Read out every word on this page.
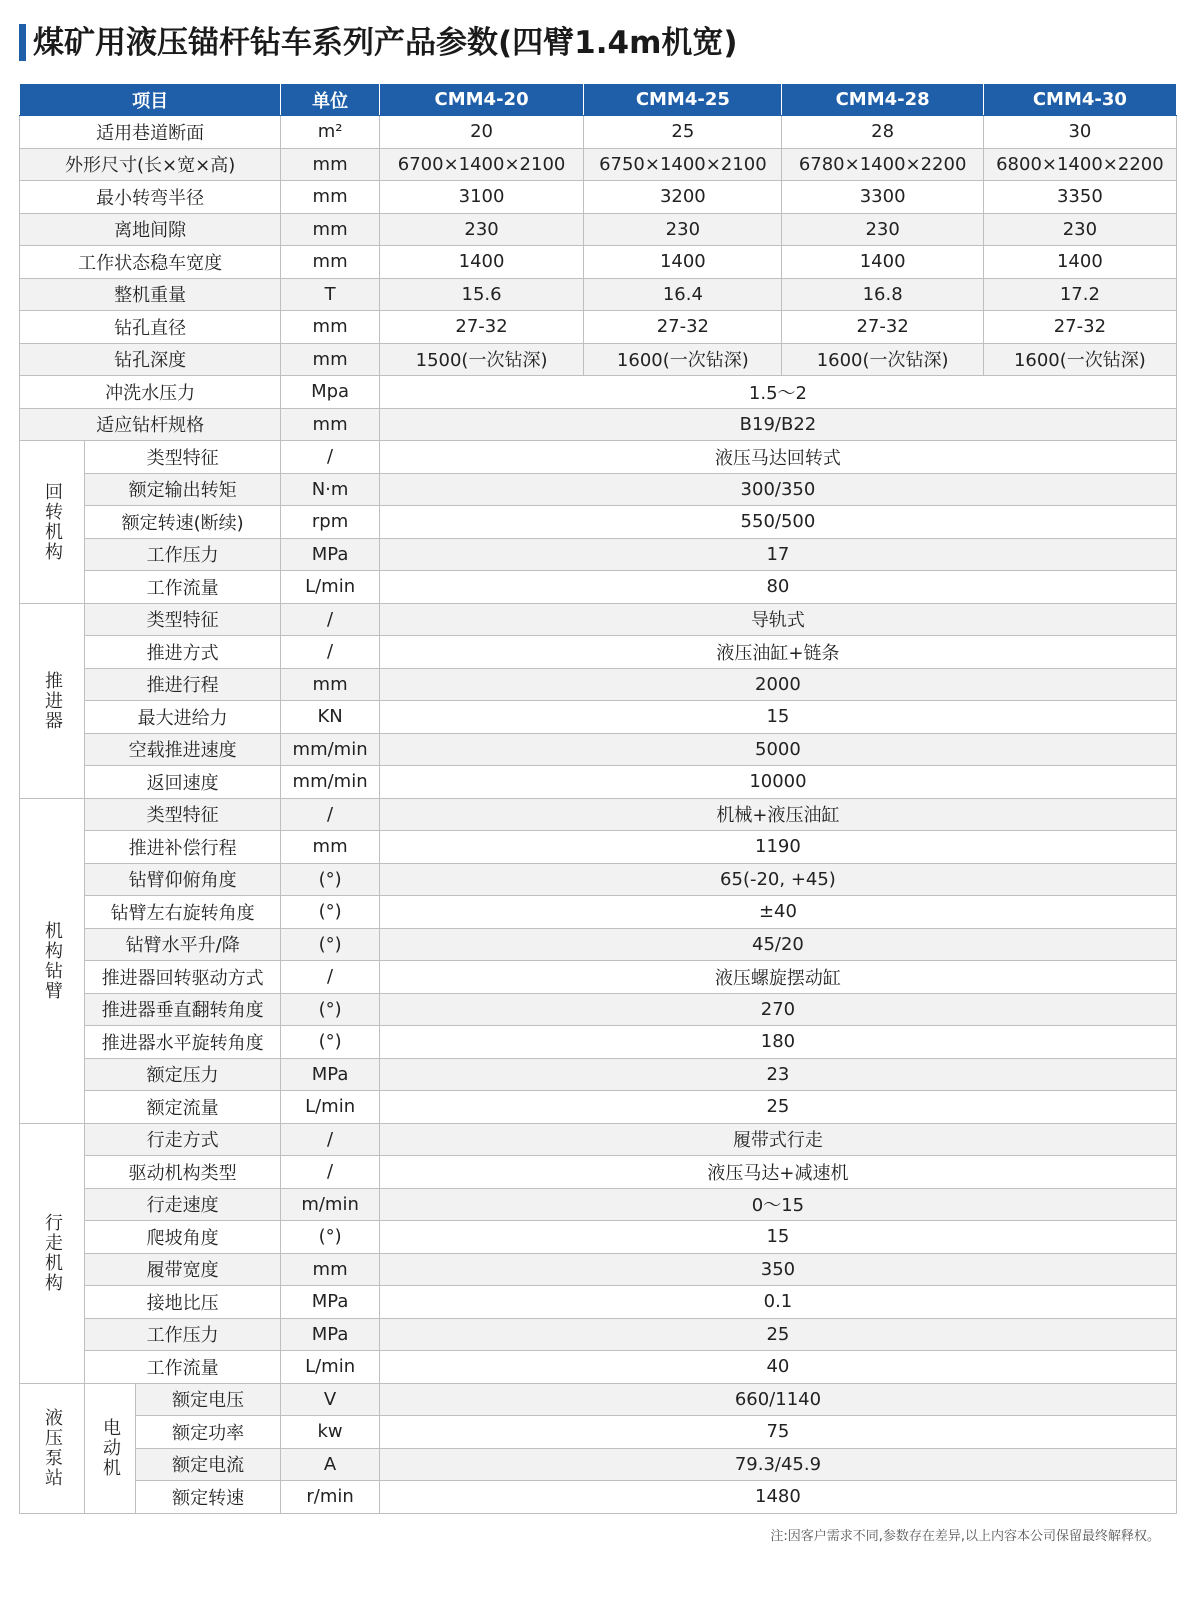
煤矿用液压锚杆钻车系列产品参数(四臂1.4m机宽)
项目			单位	CMM4-20	CMM4-25	CMM4-28	CMM4-30
适用巷道断面			m²	20	25	28	30
外形尺寸(长×宽×高)			mm	6700×1400×2100	6750×1400×2100	6780×1400×2200	6800×1400×2200
最小转弯半径			mm	3100	3200	3300	3350
离地间隙			mm	230	230	230	230
工作状态稳车宽度			mm	1400	1400	1400	1400
整机重量			T	15.6	16.4	16.8	17.2
钻孔直径			mm	27-32	27-32	27-32	27-32
钻孔深度			mm	1500(一次钻深)	1600(一次钻深)	1600(一次钻深)	1600(一次钻深)
冲洗水压力			Mpa	1.5～2			
适应钻杆规格			mm	B19/B22			
回转机构	类型特征		/	液压马达回转式			
	额定输出转矩		N·m	300/350			
	额定转速(断续)		rpm	550/500			
	工作压力		MPa	17			
	工作流量		L/min	80			
推进器	类型特征		/	导轨式			
	推进方式		/	液压油缸+链条			
	推进行程		mm	2000			
	最大进给力		KN	15			
	空载推进速度		mm/min	5000			
	返回速度		mm/min	10000			
机构钻臂	类型特征		/	机械+液压油缸			
	推进补偿行程		mm	1190			
	钻臂仰俯角度		(°)	65(-20, +45)			
	钻臂左右旋转角度		(°)	±40			
	钻臂水平升/降		(°)	45/20			
	推进器回转驱动方式		/	液压螺旋摆动缸			
	推进器垂直翻转角度		(°)	270			
	推进器水平旋转角度		(°)	180			
	额定压力		MPa	23			
	额定流量		L/min	25			
行走机构	行走方式		/	履带式行走			
	驱动机构类型		/	液压马达+减速机			
	行走速度		m/min	0～15			
	爬坡角度		(°)	15			
	履带宽度		mm	350			
	接地比压		MPa	0.1			
	工作压力		MPa	25			
	工作流量		L/min	40			
液压泵站	电动机	额定电压	V	660/1140			
		额定功率	kw	75			
		额定电流	A	79.3/45.9			
		额定转速	r/min	1480			
注:因客户需求不同,参数存在差异,以上内容本公司保留最终解释权。
